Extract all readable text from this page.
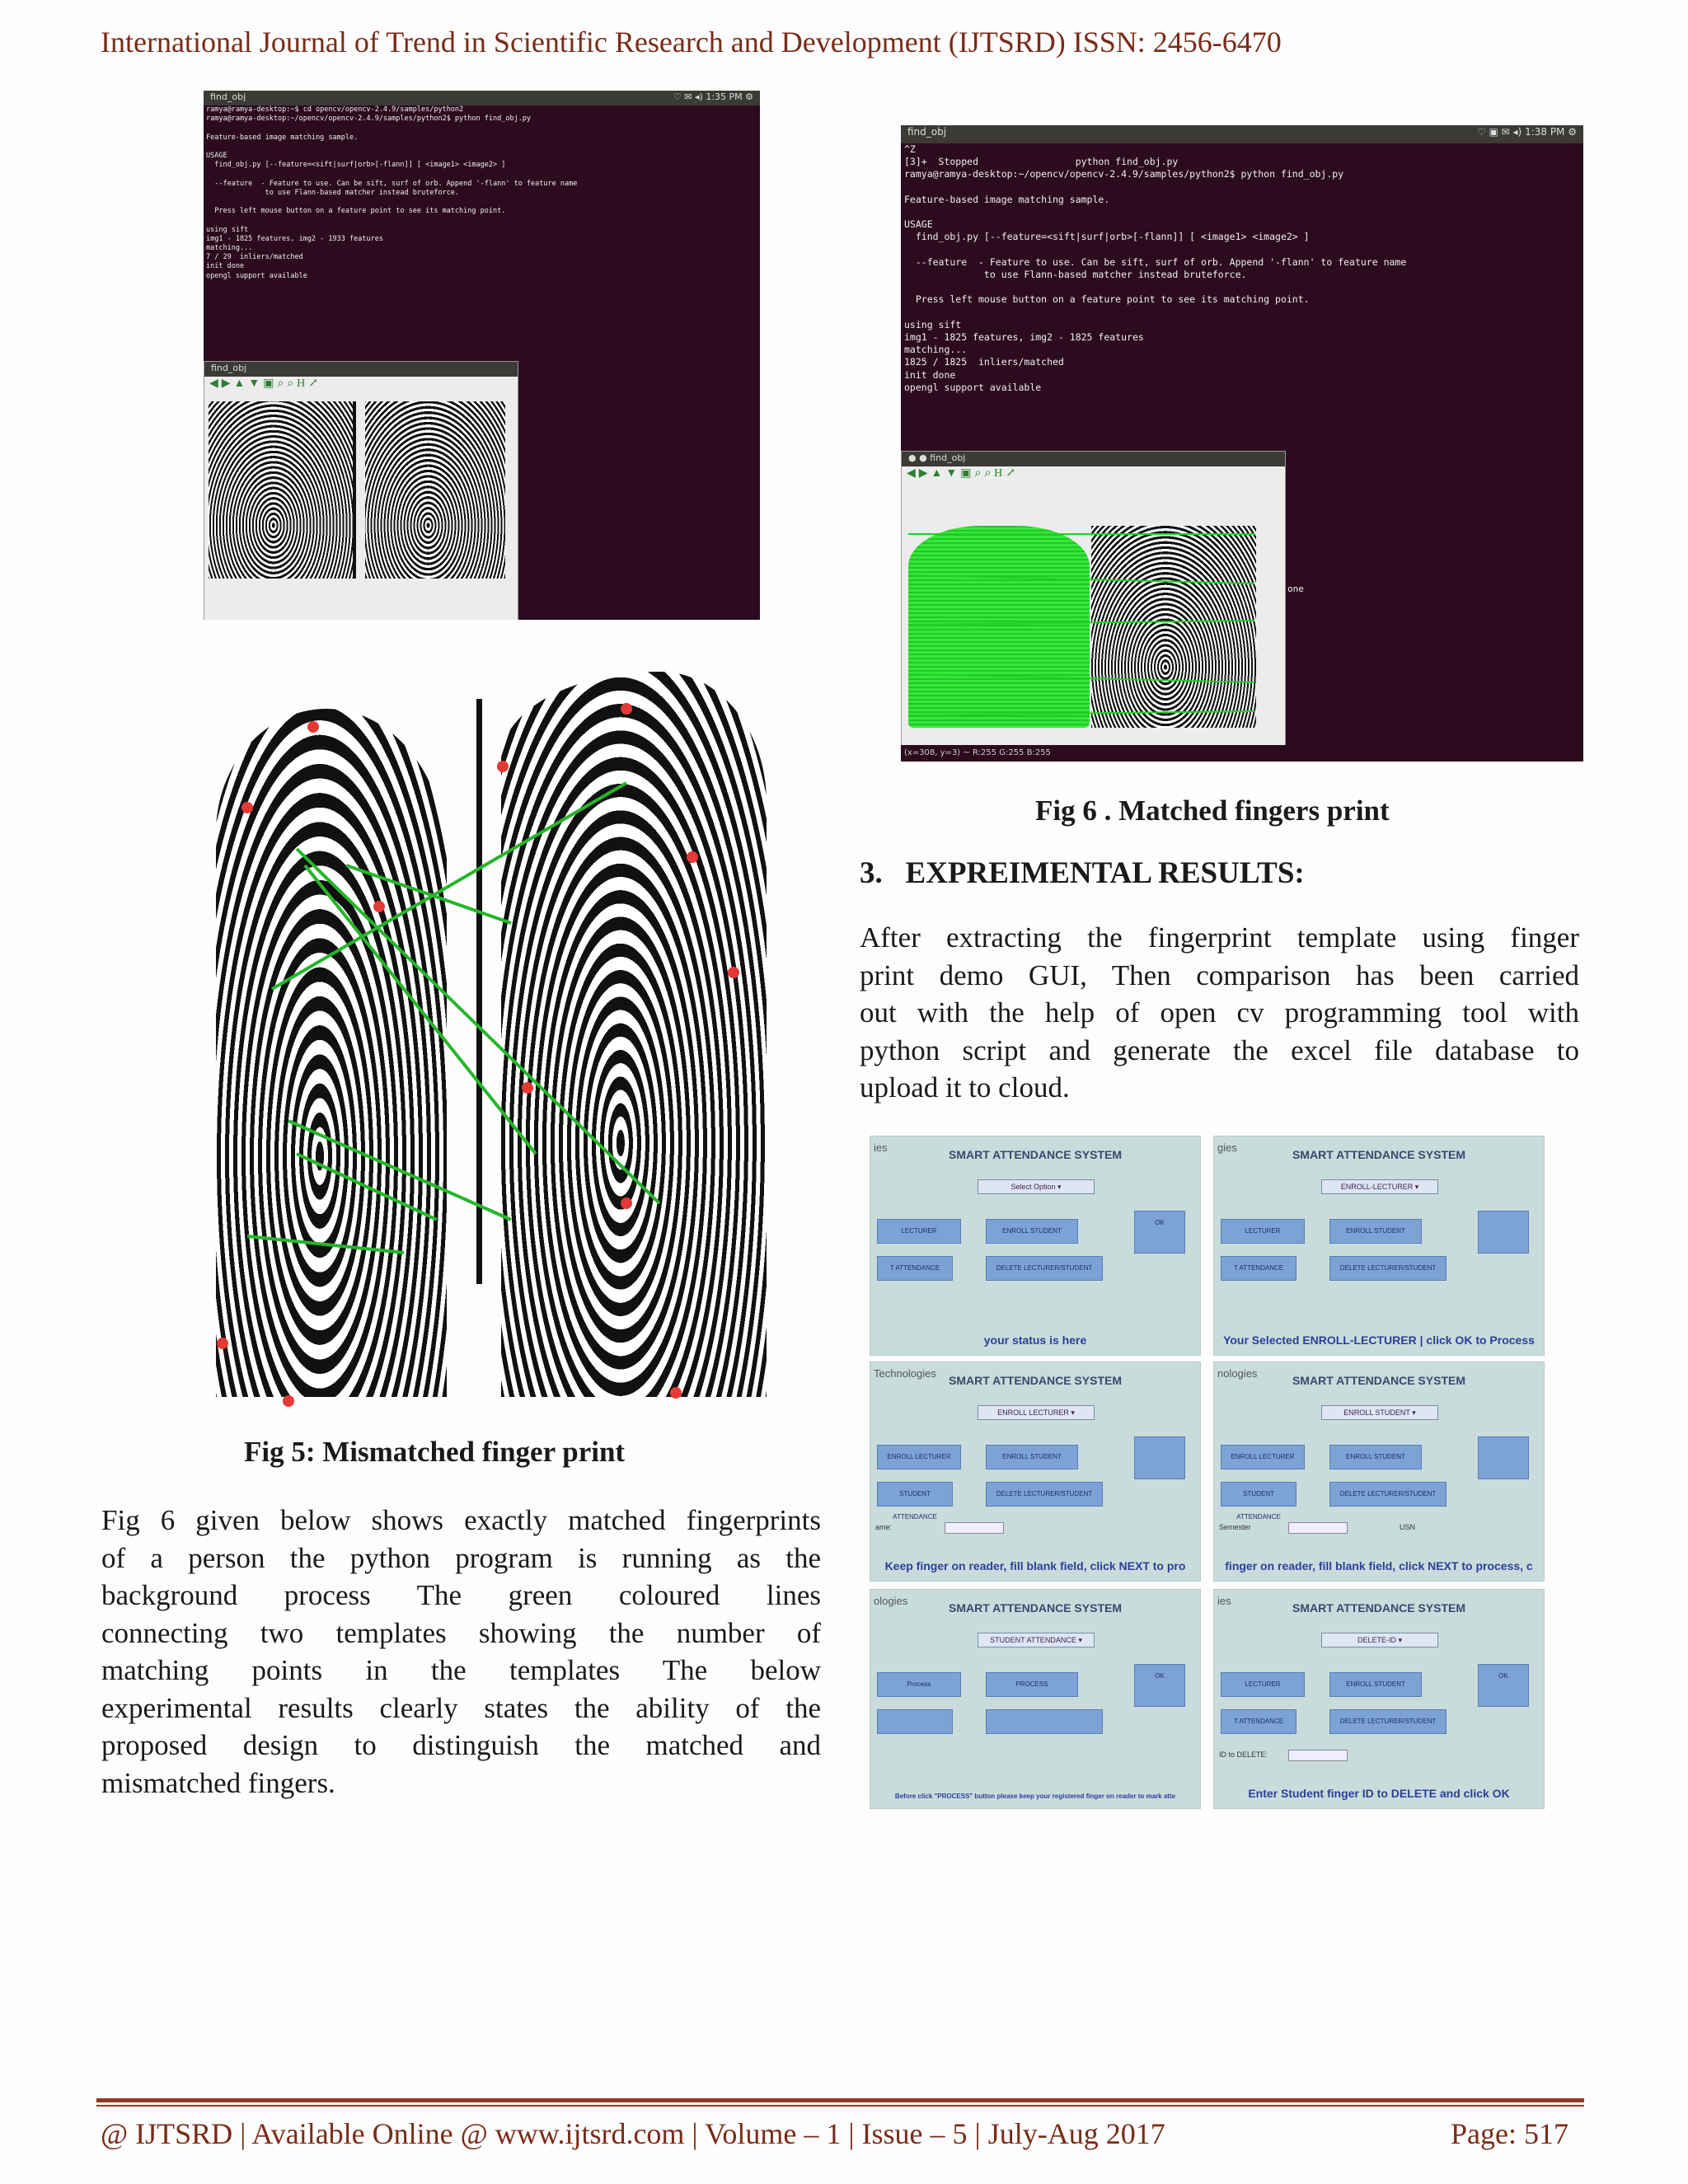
International Journal of Trend in Scientific Research and Development (IJTSRD) ISSN: 2456-6470
find_obj	♡ ✉ ◂) 1:35 PM ⚙
ramya@ramya-desktop:~$ cd opencv/opencv-2.4.9/samples/python2
ramya@ramya-desktop:~/opencv/opencv-2.4.9/samples/python2$ python find_obj.py

Feature-based image matching sample.

USAGE
find_obj.py [--feature=<sift|surf|orb>[-flann]] [ <image1> <image2> ]

--feature  - Feature to use. Can be sift, surf of orb. Append '-flann' to feature name
to use Flann-based matcher instead bruteforce.

Press left mouse button on a feature point to see its matching point.

using sift
img1 - 1825 features, img2 - 1933 features
matching...
7 / 29  inliers/matched
init done
opengl support available
find_obj
◀▶▲▼▣⌕⌕H↗
Fig 5: Mismatched finger print
Fig 6 given below shows exactly matched fingerprints
of a person the python program is running as the
background process The green coloured lines
connecting two templates showing the number of
matching points in the templates The below
experimental results clearly states the ability of the
proposed design to distinguish the matched and
mismatched fingers.
find_obj	♡ ▣ ✉ ◂) 1:38 PM ⚙
^Z
[3]+  Stopped                 python find_obj.py
ramya@ramya-desktop:~/opencv/opencv-2.4.9/samples/python2$ python find_obj.py

Feature-based image matching sample.

USAGE
find_obj.py [--feature=<sift|surf|orb>[-flann]] [ <image1> <image2> ]

--feature  - Feature to use. Can be sift, surf of orb. Append '-flann' to feature name
to use Flann-based matcher instead bruteforce.

Press left mouse button on a feature point to see its matching point.

using sift
img1 - 1825 features, img2 - 1825 features
matching...
1825 / 1825  inliers/matched
init done
opengl support available
● ● find_obj
◀▶▲▼▣⌕⌕H↗
one
(x=308, y=3) ~ R:255 G:255 B:255
Fig 6 . Matched fingers print
3.   EXPREIMENTAL RESULTS:
After extracting the fingerprint template using finger
print demo GUI, Then comparison has been carried
out with the help of open cv programming tool with
python script and generate the excel file database to
upload it to cloud.
ies
SMART ATTENDANCE SYSTEM
Select Option ▾
LECTURER	ENROLL STUDENT
OK
T ATTENDANCE	DELETE LECTURER/STUDENT
your status is here
gies
SMART ATTENDANCE SYSTEM
ENROLL-LECTURER ▾
LECTURER	ENROLL STUDENT
T ATTENDANCE	DELETE LECTURER/STUDENT
Your Selected ENROLL-LECTURER | click OK to Process
Technologies
SMART ATTENDANCE SYSTEM
ENROLL LECTURER ▾
ENROLL LECTURER	ENROLL STUDENT
STUDENT ATTENDANCE
DELETE LECTURER/STUDENT
ame:
Keep finger on reader, fill blank field, click NEXT to pro
nologies
SMART ATTENDANCE SYSTEM
ENROLL STUDENT ▾
ENROLL LECTURER	ENROLL STUDENT
STUDENT ATTENDANCE
DELETE LECTURER/STUDENT
Semester	USN
finger on reader, fill blank field, click NEXT to process, c
ologies
SMART ATTENDANCE SYSTEM
STUDENT ATTENDANCE ▾
Process	PROCESS
OK
Before click "PROCESS" button please keep your registered finger on reader to mark atte
ies
SMART ATTENDANCE SYSTEM
DELETE-ID ▾
LECTURER	ENROLL STUDENT
OK
T ATTENDANCE	DELETE LECTURER/STUDENT
ID to DELETE:
Enter Student finger ID to DELETE and click OK
@ IJTSRD | Available Online @ www.ijtsrd.com | Volume – 1 | Issue – 5 | July-Aug 2017	Page: 517
